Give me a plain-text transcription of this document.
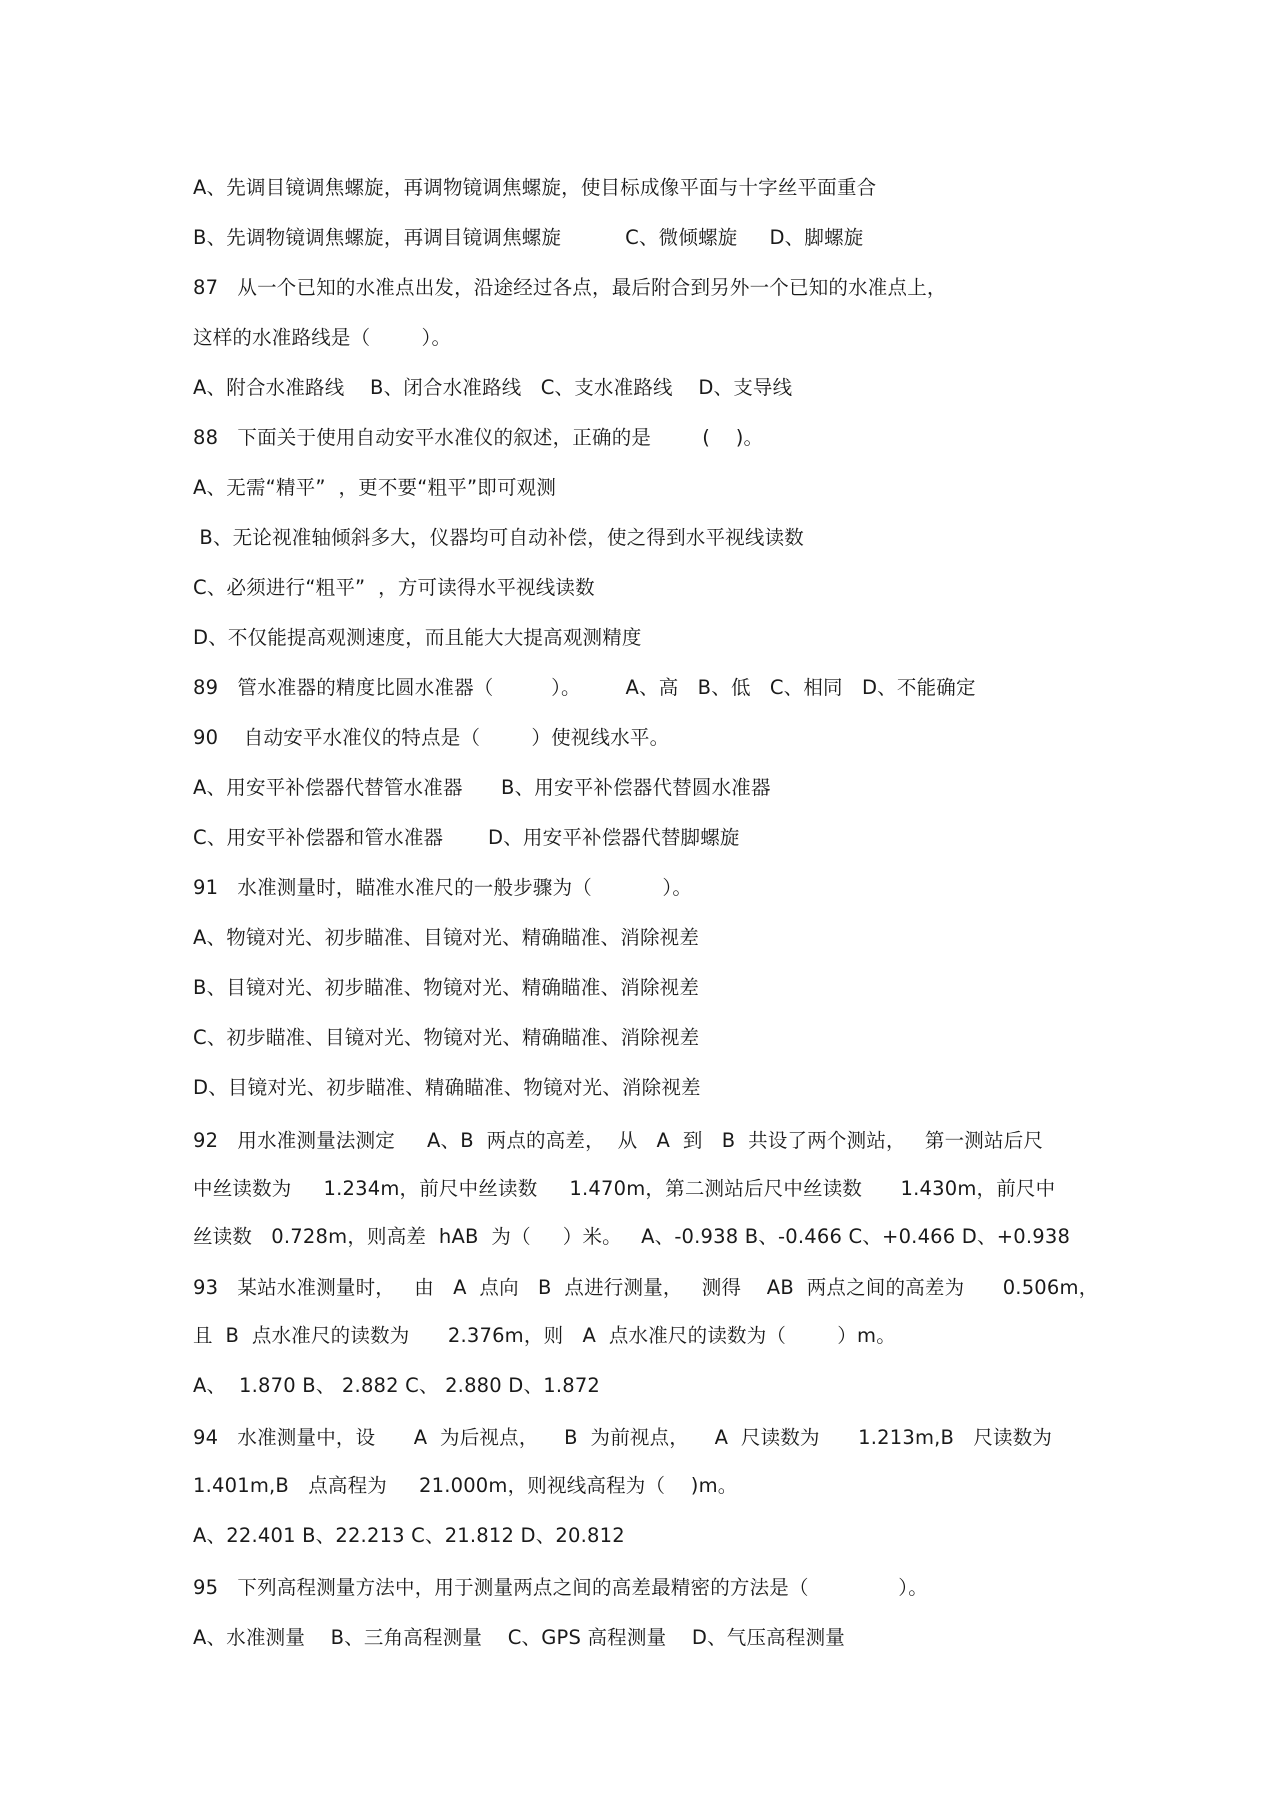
A、先调目镜调焦螺旋，再调物镜调焦螺旋，使目标成像平面与十字丝平面重合
B、先调物镜调焦螺旋，再调目镜调焦螺旋          C、微倾螺旋     D、脚螺旋
87   从一个已知的水准点出发，沿途经过各点，最后附合到另外一个已知的水准点上，
这样的水准路线是（        ）。
A、附合水准路线    B、闭合水准路线   C、支水准路线    D、支导线
88   下面关于使用自动安平水准仪的叙述，正确的是        (    )。
A、无需“精平”  ，更不要“粗平”即可观测
B、无论视准轴倾斜多大，仪器均可自动补偿，使之得到水平视线读数
C、必须进行“粗平”  ，方可读得水平视线读数
D、不仅能提高观测速度，而且能大大提高观测精度
89   管水准器的精度比圆水准器（         ）。       A、高   B、低   C、相同   D、不能确定
90    自动安平水准仪的特点是（        ）使视线水平。
A、用安平补偿器代替管水准器      B、用安平补偿器代替圆水准器
C、用安平补偿器和管水准器       D、用安平补偿器代替脚螺旋
91   水准测量时，瞄准水准尺的一般步骤为（           ）。
A、物镜对光、初步瞄准、目镜对光、精确瞄准、消除视差
B、目镜对光、初步瞄准、物镜对光、精确瞄准、消除视差
C、初步瞄准、目镜对光、物镜对光、精确瞄准、消除视差
D、目镜对光、初步瞄准、精确瞄准、物镜对光、消除视差
92   用水准测量法测定     A、B  两点的高差，  从   A  到   B  共设了两个测站，   第一测站后尺
中丝读数为     1.234m，前尺中丝读数     1.470m，第二测站后尺中丝读数      1.430m，前尺中
丝读数   0.728m，则高差  hAB  为（     ）米。   A、-0.938 B、-0.466 C、+0.466 D、+0.938
93   某站水准测量时，   由   A  点向   B  点进行测量，   测得    AB  两点之间的高差为      0.506m，
且  B  点水准尺的读数为      2.376m，则   A  点水准尺的读数为（        ）m。
A、  1.870 B、 2.882 C、 2.880 D、1.872
94   水准测量中，设      A  为后视点，    B  为前视点，    A  尺读数为      1.213m,B   尺读数为
1.401m,B   点高程为     21.000m，则视线高程为（    )m。
A、22.401 B、22.213 C、21.812 D、20.812
95   下列高程测量方法中，用于测量两点之间的高差最精密的方法是（              ）。
A、水准测量    B、三角高程测量    C、GPS 高程测量    D、气压高程测量
